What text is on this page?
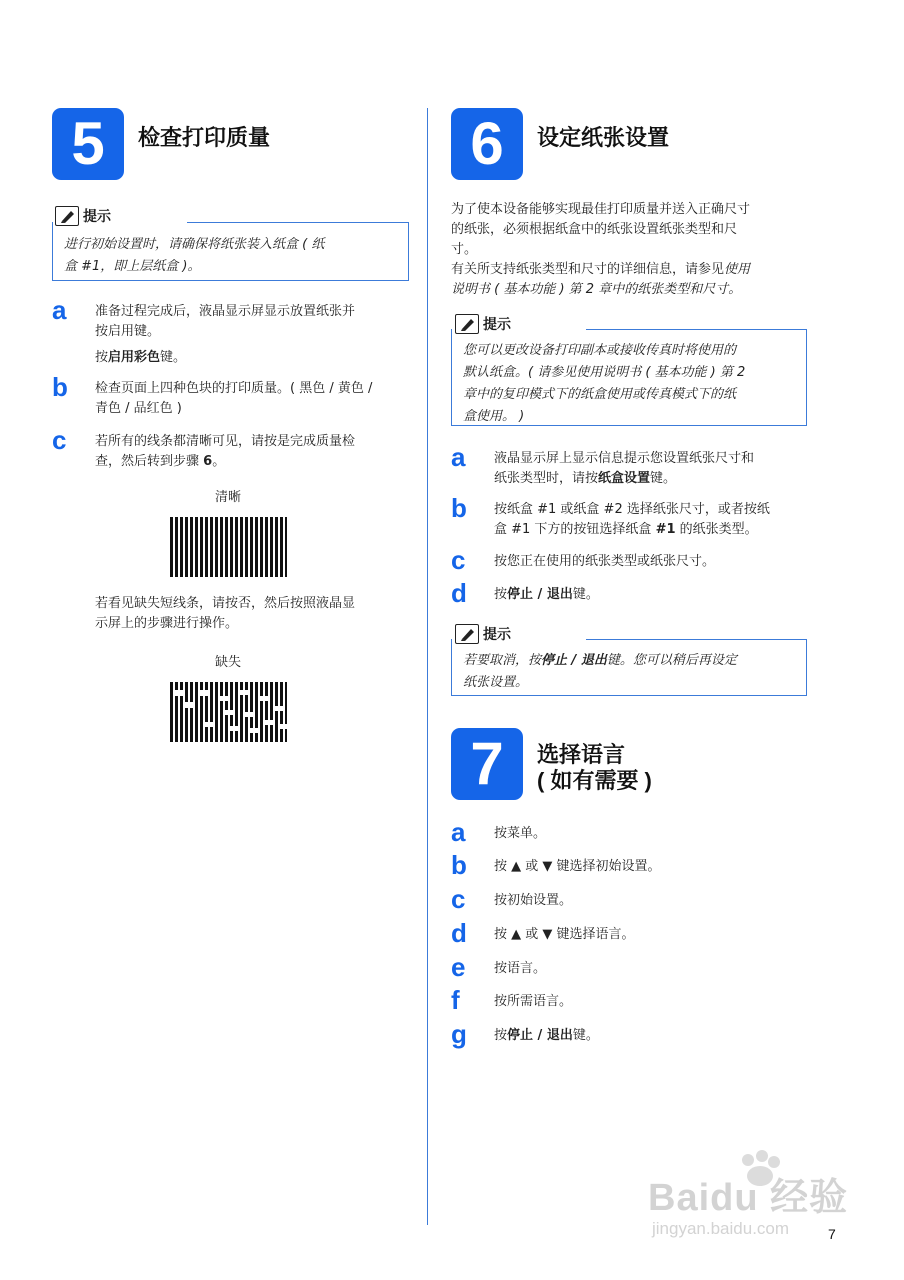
5	检查打印质量
提示
进行初始设置时，请确保将纸张装入纸盒 ( 纸
盒 #1，即上层纸盒 )。
a 准备过程完成后，液晶显示屏显示放置纸张并
按启用键。
按启用彩色键。
b 检查页面上四种色块的打印质量。( 黑色 / 黄色 /
青色 / 品红色 )
c 若所有的线条都清晰可见，请按是完成质量检
查，然后转到步骤 6。
清晰
若看见缺失短线条，请按否，然后按照液晶显
示屏上的步骤进行操作。
缺失
6	设定纸张设置
为了使本设备能够实现最佳打印质量并送入正确尺寸
的纸张，必须根据纸盒中的纸张设置纸张类型和尺
寸。
有关所支持纸张类型和尺寸的详细信息，请参见使用
说明书 ( 基本功能 ) 第 2 章中的纸张类型和尺寸。
提示
您可以更改设备打印副本或接收传真时将使用的
默认纸盒。( 请参见使用说明书 ( 基本功能 ) 第 2
章中的复印模式下的纸盒使用或传真模式下的纸
盒使用。 )
a 液晶显示屏上显示信息提示您设置纸张尺寸和
纸张类型时，请按纸盒设置键。
b 按纸盒 #1 或纸盒 #2 选择纸张尺寸，或者按纸
盒 #1 下方的按钮选择纸盒 #1 的纸张类型。
c 按您正在使用的纸张类型或纸张尺寸。
d 按停止 / 退出键。
提示
若要取消，按停止 / 退出键。您可以稍后再设定
纸张设置。
7	选择语言
( 如有需要 )
a 按菜单。
b 按 ▲ 或 ▼ 键选择初始设置。
c 按初始设置。
d 按 ▲ 或 ▼ 键选择语言。
e 按语言。
f	按所需语言。
g 按停止 / 退出键。
Baidu 经验
jingyan.baidu.com	7
